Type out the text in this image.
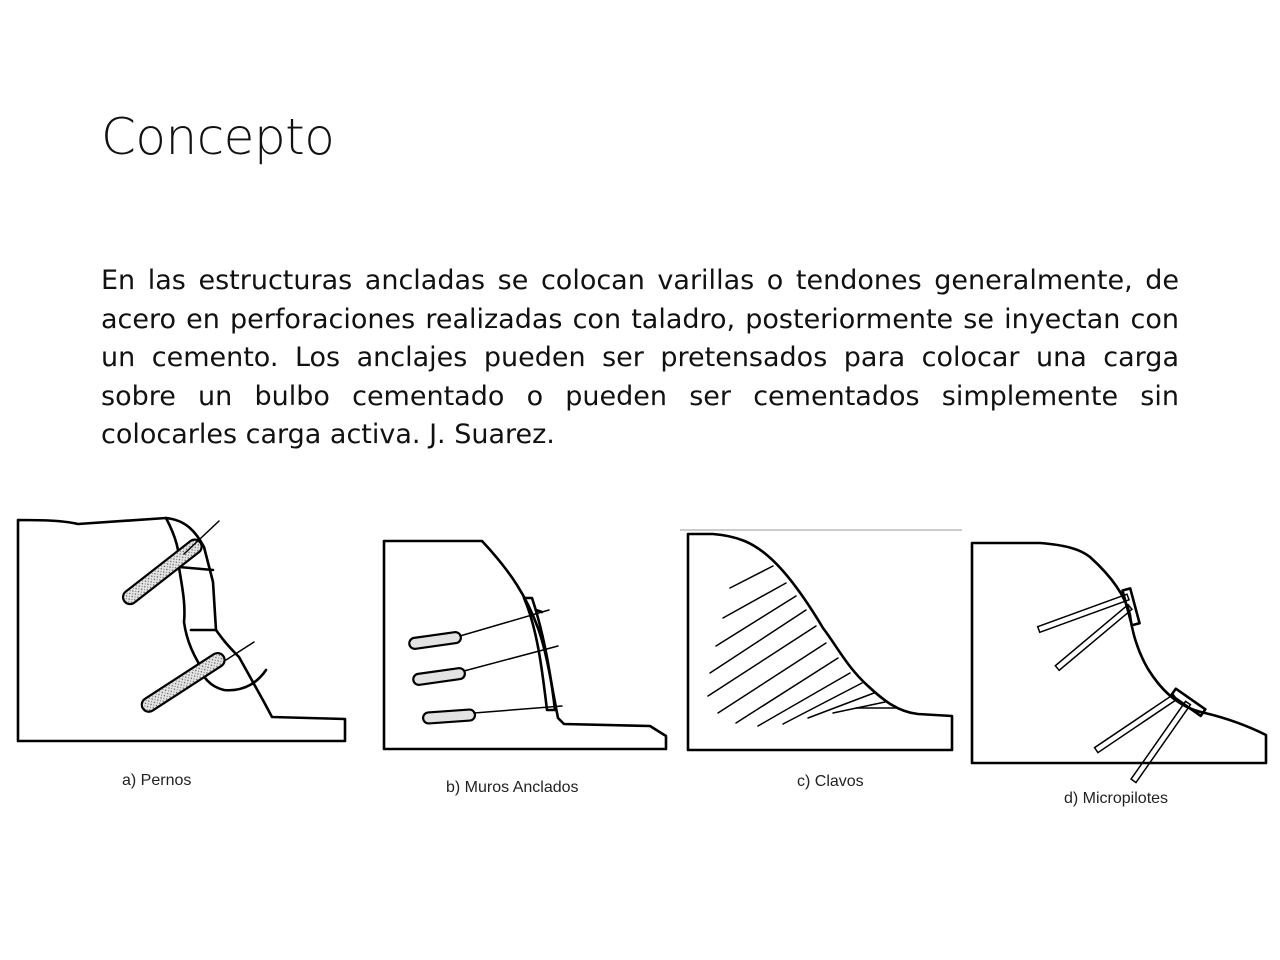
Concepto

En las estructuras ancladas se colocan varillas o tendones generalmente, de acero en perforaciones realizadas con taladro, posteriormente se inyectan con un cemento. Los anclajes pueden ser pretensados para colocar una carga sobre un bulbo cementado o pueden ser cementados simplemente sin colocarles carga activa. J. Suarez.

a) Pernos	b) Muros Anclados	c) Clavos
d) Micropilotes
